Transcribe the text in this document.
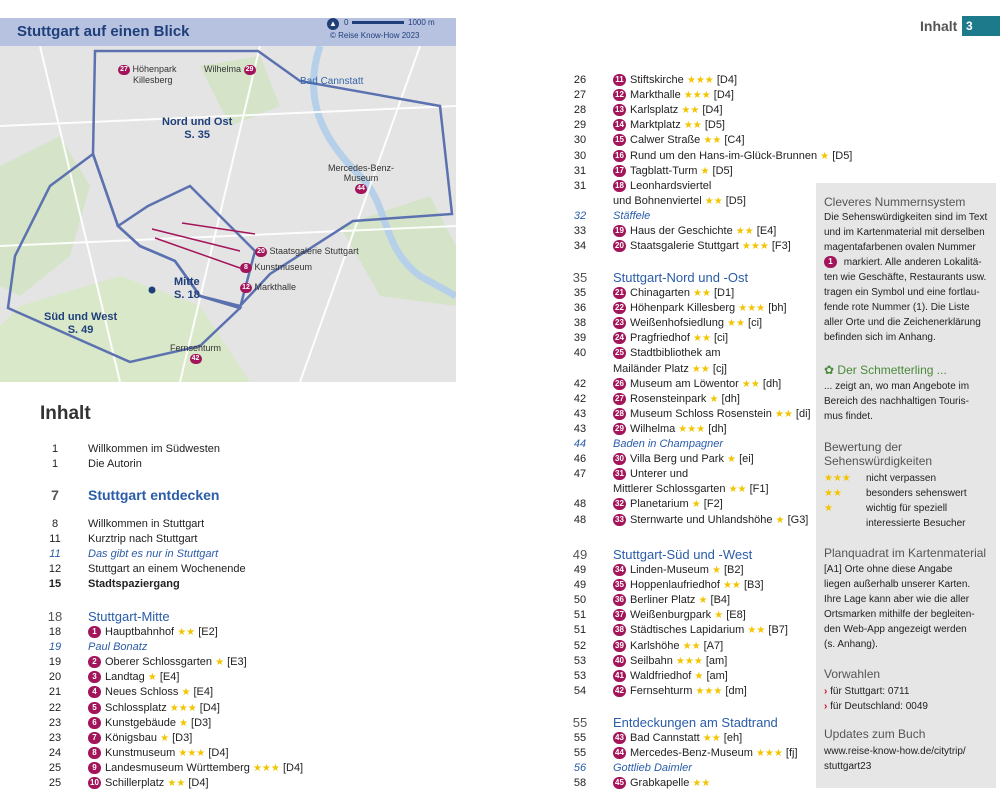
Stuttgart auf einen Blick	▲ 0	1000 m
© Reise Know-How 2023
27 Höhenpark
Killesberg
Wilhelma 29
Bad Cannstatt
Nord und Ost
S. 35
Mercedes-Benz-
Museum
44
20 Staatsgalerie Stuttgart
8 Kunstmuseum
12 Markthalle
Mitte
S. 18
Süd und West
S. 49
Fernsehturm
42
Inhalt
1	Willkommen im Südwesten
1	Die Autorin
7	Stuttgart entdecken
8	Willkommen in Stuttgart
11	Kurztrip nach Stuttgart
11	Das gibt es nur in Stuttgart
12	Stuttgart an einem Wochenende
15	Stadtspaziergang
18	Stuttgart-Mitte
18	1 Hauptbahnhof ★★ [E2]
19	Paul Bonatz
19	2 Oberer Schlossgarten ★ [E3]
20	3 Landtag ★ [E4]
21	4 Neues Schloss ★ [E4]
22	5 Schlossplatz ★★★ [D4]
23	6 Kunstgebäude ★ [D3]
23	7 Königsbau ★ [D3]
24	8 Kunstmuseum ★★★ [D4]
25	9 Landesmuseum Württemberg ★★★ [D4]
25	10 Schillerplatz ★★ [D4]
26	11 Stiftskirche ★★★ [D4]
27	12 Markthalle ★★★ [D4]
28	13 Karlsplatz ★★ [D4]
29	14 Marktplatz ★★ [D5]
30	15 Calwer Straße ★★ [C4]
30	16 Rund um den Hans-im-Glück-Brunnen ★ [D5]
31	17 Tagblatt-Turm ★ [D5]
31	18 Leonhardsviertel
und Bohnenviertel ★★ [D5]
32	Stäffele
33	19 Haus der Geschichte ★★ [E4]
34	20 Staatsgalerie Stuttgart ★★★ [F3]
35	Stuttgart-Nord und -Ost
35	21 Chinagarten ★★ [D1]
36	22 Höhenpark Killesberg ★★★ [bh]
38	23 Weißenhofsiedlung ★★ [ci]
39	24 Pragfriedhof ★★ [ci]
40	25 Stadtbibliothek am
Mailänder Platz ★★ [cj]
42	26 Museum am Löwentor ★★ [dh]
42	27 Rosensteinpark ★ [dh]
43	28 Museum Schloss Rosenstein ★★ [di]
43	29 Wilhelma ★★★ [dh]
44	Baden in Champagner
46	30 Villa Berg und Park ★ [ei]
47	31 Unterer und
Mittlerer Schlossgarten ★★ [F1]
48	32 Planetarium ★ [F2]
48	33 Sternwarte und Uhlandshöhe ★ [G3]
49	Stuttgart-Süd und -West
49	34 Linden-Museum ★ [B2]
49	35 Hoppenlaufriedhof ★★ [B3]
50	36 Berliner Platz ★ [B4]
51	37 Weißenburgpark ★ [E8]
51	38 Städtisches Lapidarium ★★ [B7]
52	39 Karlshöhe ★★ [A7]
53	40 Seilbahn ★★★ [am]
53	41 Waldfriedhof ★ [am]
54	42 Fernsehturm ★★★ [dm]
55	Entdeckungen am Stadtrand
55	43 Bad Cannstatt ★★ [eh]
55	44 Mercedes-Benz-Museum ★★★ [fj]
56	Gottlieb Daimler
58	45 Grabkapelle ★★
Inhalt 3
Cleveres Nummernsystem
Die Sehenswürdigkeiten sind im Text
und im Kartenmaterial mit derselben
magentafarbenen ovalen Nummer
1 markiert. Alle anderen Lokalitä-
ten wie Geschäfte, Restaurants usw.
tragen ein Symbol und eine fortlau-
fende rote Nummer (1). Die Liste
aller Orte und die Zeichenerklärung
befinden sich im Anhang.
✿ Der Schmetterling ...
... zeigt an, wo man Angebote im
Bereich des nachhaltigen Touris-
mus findet.
Bewertung der
Sehenswürdigkeiten
★★★ nicht verpassen
★★ besonders sehenswert
★	wichtig für speziell
interessierte Besucher
Planquadrat im Kartenmaterial
[A1] Orte ohne diese Angabe
liegen außerhalb unserer Karten.
Ihre Lage kann aber wie die aller
Ortsmarken mithilfe der begleiten-
den Web-App angezeigt werden
(s. Anhang).
Vorwahlen
› für Stuttgart: 0711
› für Deutschland: 0049
Updates zum Buch
www.reise-know-how.de/citytrip/
stuttgart23
